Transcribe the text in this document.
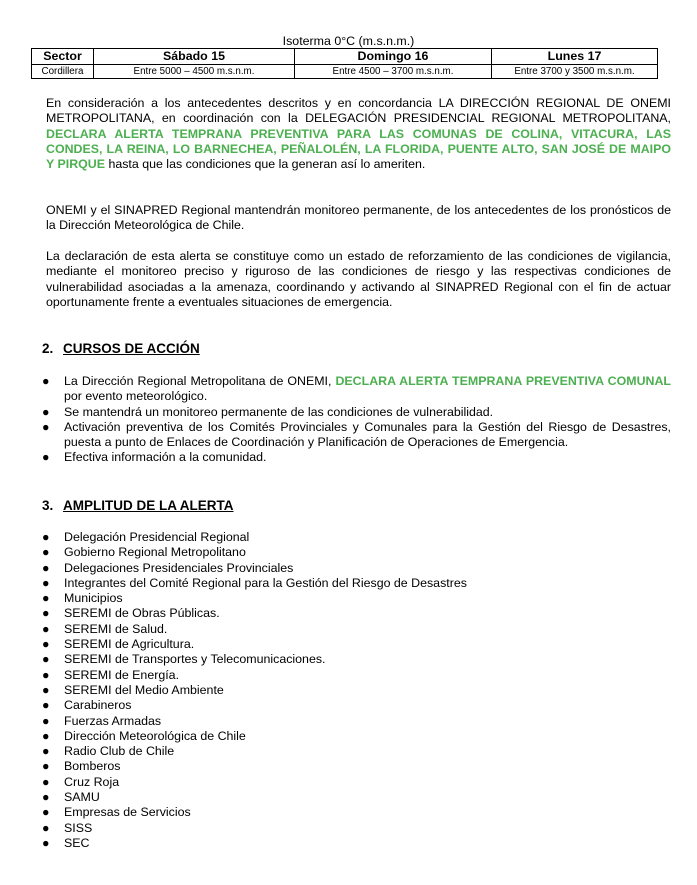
Isoterma 0°C (m.s.n.m.)
Sector	Sábado 15	Domingo 16	Lunes 17
Cordillera	Entre 5000 – 4500 m.s.n.m.	Entre 4500 – 3700 m.s.n.m.	Entre 3700 y 3500 m.s.n.m.

En consideración a los antecedentes descritos y en concordancia LA DIRECCIÓN REGIONAL DE ONEMI METROPOLITANA, en coordinación con la DELEGACIÓN PRESIDENCIAL REGIONAL METROPOLITANA, DECLARA ALERTA TEMPRANA PREVENTIVA PARA LAS COMUNAS DE COLINA, VITACURA, LAS CONDES, LA REINA, LO BARNECHEA, PEÑALOLÉN, LA FLORIDA, PUENTE ALTO, SAN JOSÉ DE MAIPO Y PIRQUE hasta que las condiciones que la generan así lo ameriten.

ONEMI y el SINAPRED Regional mantendrán monitoreo permanente, de los antecedentes de los pronósticos de la Dirección Meteorológica de Chile.

La declaración de esta alerta se constituye como un estado de reforzamiento de las condiciones de vigilancia, mediante el monitoreo preciso y riguroso de las condiciones de riesgo y las respectivas condiciones de vulnerabilidad asociadas a la amenaza, coordinando y activando al SINAPRED Regional con el fin de actuar oportunamente frente a eventuales situaciones de emergencia.

2. CURSOS DE ACCIÓN
● La Dirección Regional Metropolitana de ONEMI, DECLARA ALERTA TEMPRANA PREVENTIVA COMUNAL por evento meteorológico.
● Se mantendrá un monitoreo permanente de las condiciones de vulnerabilidad.
● Activación preventiva de los Comités Provinciales y Comunales para la Gestión del Riesgo de Desastres, puesta a punto de Enlaces de Coordinación y Planificación de Operaciones de Emergencia.
● Efectiva información a la comunidad.
3. AMPLITUD DE LA ALERTA
● Delegación Presidencial Regional
● Gobierno Regional Metropolitano
● Delegaciones Presidenciales Provinciales
● Integrantes del Comité Regional para la Gestión del Riesgo de Desastres
● Municipios
● SEREMI de Obras Públicas.
● SEREMI de Salud.
● SEREMI de Agricultura.
● SEREMI de Transportes y Telecomunicaciones.
● SEREMI de Energía.
● SEREMI del Medio Ambiente
● Carabineros
● Fuerzas Armadas
● Dirección Meteorológica de Chile
● Radio Club de Chile
● Bomberos
● Cruz Roja
● SAMU
● Empresas de Servicios
● SISS
● SEC
